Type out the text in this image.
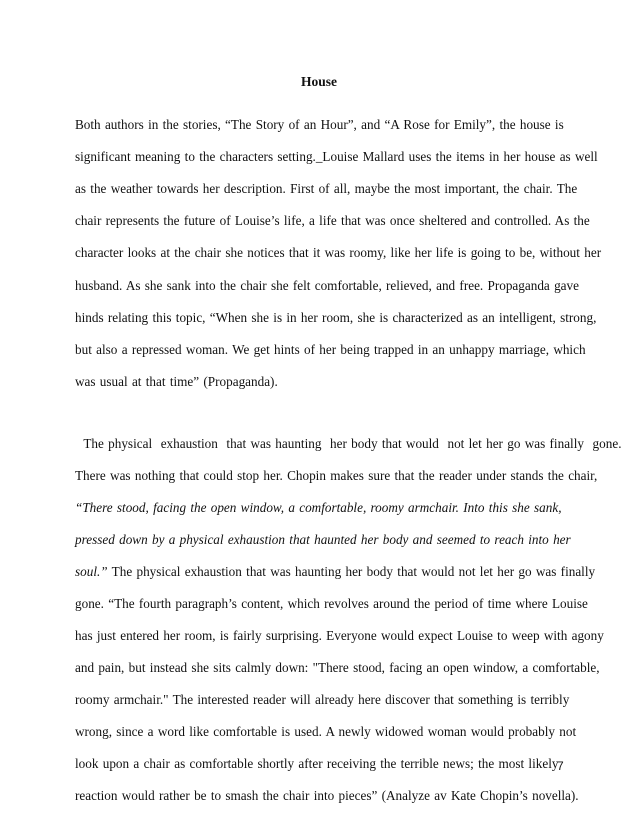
House
Both authors in the stories, “The Story of an Hour”, and “A Rose for Emily”, the house is
significant meaning to the characters setting._Louise Mallard uses the items in her house as well
as the weather towards her description. First of all, maybe the most important, the chair. The
chair represents the future of Louise’s life, a life that was once sheltered and controlled. As the
character looks at the chair she notices that it was roomy, like her life is going to be, without her
husband. As she sank into the chair she felt comfortable, relieved, and free. Propaganda gave
hinds relating this topic, “When she is in her room, she is characterized as an intelligent, strong,
but also a repressed woman. We get hints of her being trapped in an unhappy marriage, which
was usual at that time” (Propaganda).
The physical  exhaustion  that was haunting  her body that would  not let her go was finally  gone.
There was nothing that could stop her. Chopin makes sure that the reader under stands the chair,
“There stood, facing the open window, a comfortable, roomy armchair. Into this she sank,
pressed down by a physical exhaustion that haunted her body and seemed to reach into her
soul.” The physical exhaustion that was haunting her body that would not let her go was finally
gone. “The fourth paragraph’s content, which revolves around the period of time where Louise
has just entered her room, is fairly surprising. Everyone would expect Louise to weep with agony
and pain, but instead she sits calmly down: "There stood, facing an open window, a comfortable,
roomy armchair." The interested reader will already here discover that something is terribly
wrong, since a word like comfortable is used. A newly widowed woman would probably not
look upon a chair as comfortable shortly after receiving the terrible news; the most likely
reaction would rather be to smash the chair into pieces” (Analyze av Kate Chopin’s novella).
7
